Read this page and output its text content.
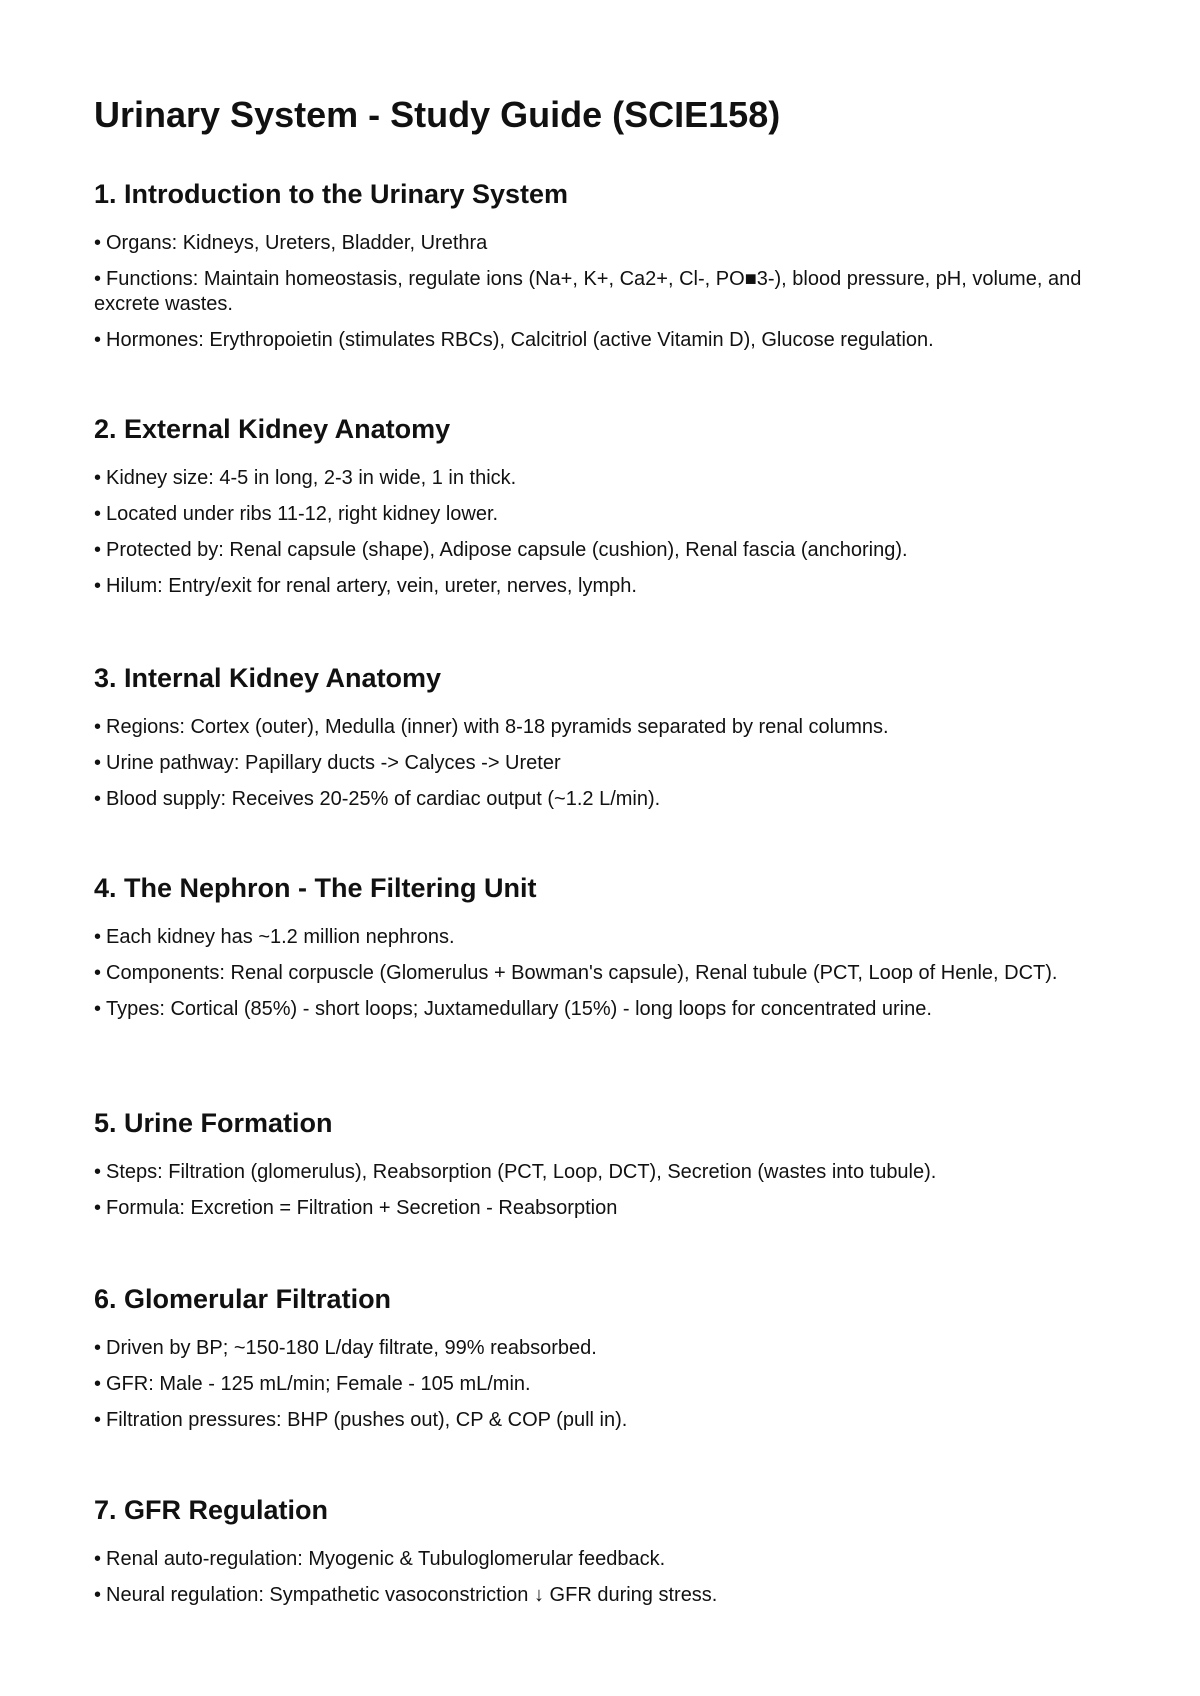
Urinary System - Study Guide (SCIE158)
1. Introduction to the Urinary System

• Organs: Kidneys, Ureters, Bladder, Urethra

• Functions: Maintain homeostasis, regulate ions (Na+, K+, Ca2+, Cl-, PO■3-), blood pressure, pH, volume, and excrete wastes.

• Hormones: Erythropoietin (stimulates RBCs), Calcitriol (active Vitamin D), Glucose regulation.

2. External Kidney Anatomy

• Kidney size: 4-5 in long, 2-3 in wide, 1 in thick.

• Located under ribs 11-12, right kidney lower.

• Protected by: Renal capsule (shape), Adipose capsule (cushion), Renal fascia (anchoring).

• Hilum: Entry/exit for renal artery, vein, ureter, nerves, lymph.

3. Internal Kidney Anatomy

• Regions: Cortex (outer), Medulla (inner) with 8-18 pyramids separated by renal columns.

• Urine pathway: Papillary ducts -> Calyces -> Ureter

• Blood supply: Receives 20-25% of cardiac output (~1.2 L/min).

4. The Nephron - The Filtering Unit

• Each kidney has ~1.2 million nephrons.

• Components: Renal corpuscle (Glomerulus + Bowman's capsule), Renal tubule (PCT, Loop of Henle, DCT).

• Types: Cortical (85%) - short loops; Juxtamedullary (15%) - long loops for concentrated urine.

5. Urine Formation

• Steps: Filtration (glomerulus), Reabsorption (PCT, Loop, DCT), Secretion (wastes into tubule).

• Formula: Excretion = Filtration + Secretion - Reabsorption

6. Glomerular Filtration

• Driven by BP; ~150-180 L/day filtrate, 99% reabsorbed.

• GFR: Male - 125 mL/min; Female - 105 mL/min.

• Filtration pressures: BHP (pushes out), CP & COP (pull in).

7. GFR Regulation

• Renal auto-regulation: Myogenic & Tubuloglomerular feedback.

• Neural regulation: Sympathetic vasoconstriction ↓ GFR during stress.
